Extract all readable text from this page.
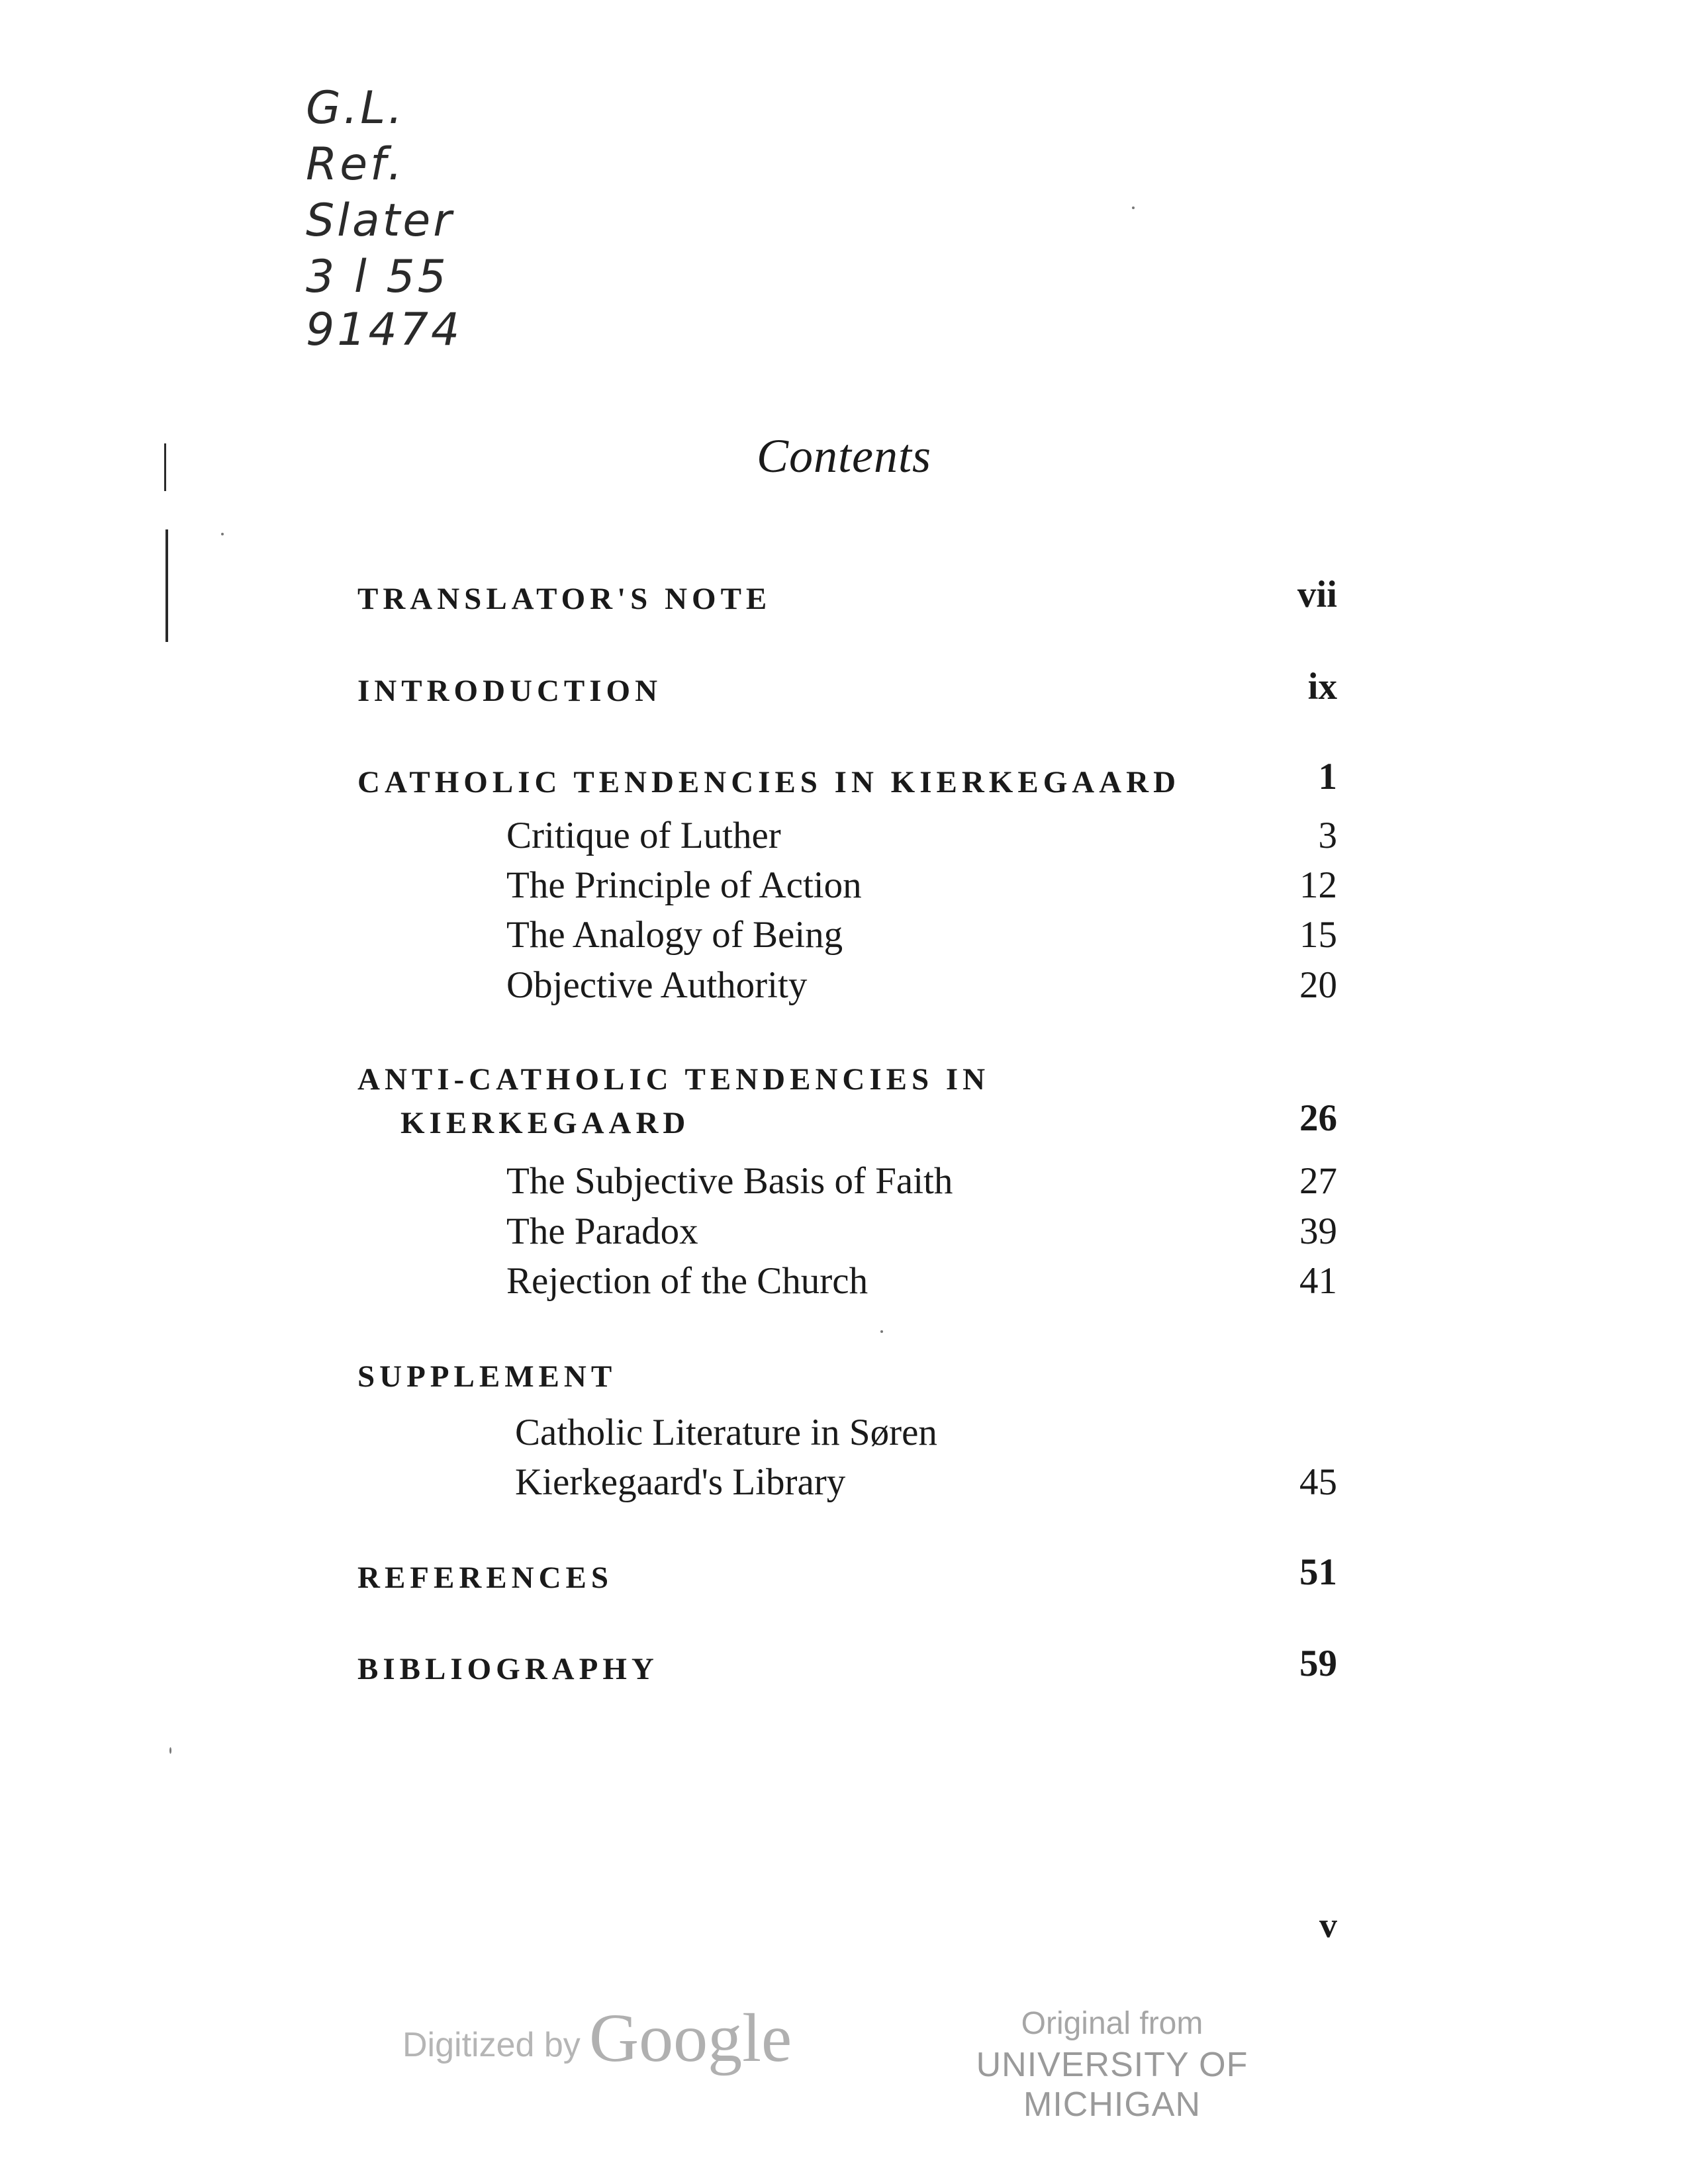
G.L.
Ref.
Slater
3 l 55
91474
Contents
TRANSLATOR'S NOTE	vii
INTRODUCTION	ix
CATHOLIC TENDENCIES IN KIERKEGAARD	1
Critique of Luther	3
The Principle of Action	12
The Analogy of Being	15
Objective Authority	20
ANTI-CATHOLIC TENDENCIES IN
KIERKEGAARD	26
The Subjective Basis of Faith	27
The Paradox	39
Rejection of the Church	41
SUPPLEMENT
Catholic Literature in Søren
Kierkegaard's Library	45
REFERENCES	51
BIBLIOGRAPHY	59
v
Digitized by Google	Original from
UNIVERSITY OF MICHIGAN
